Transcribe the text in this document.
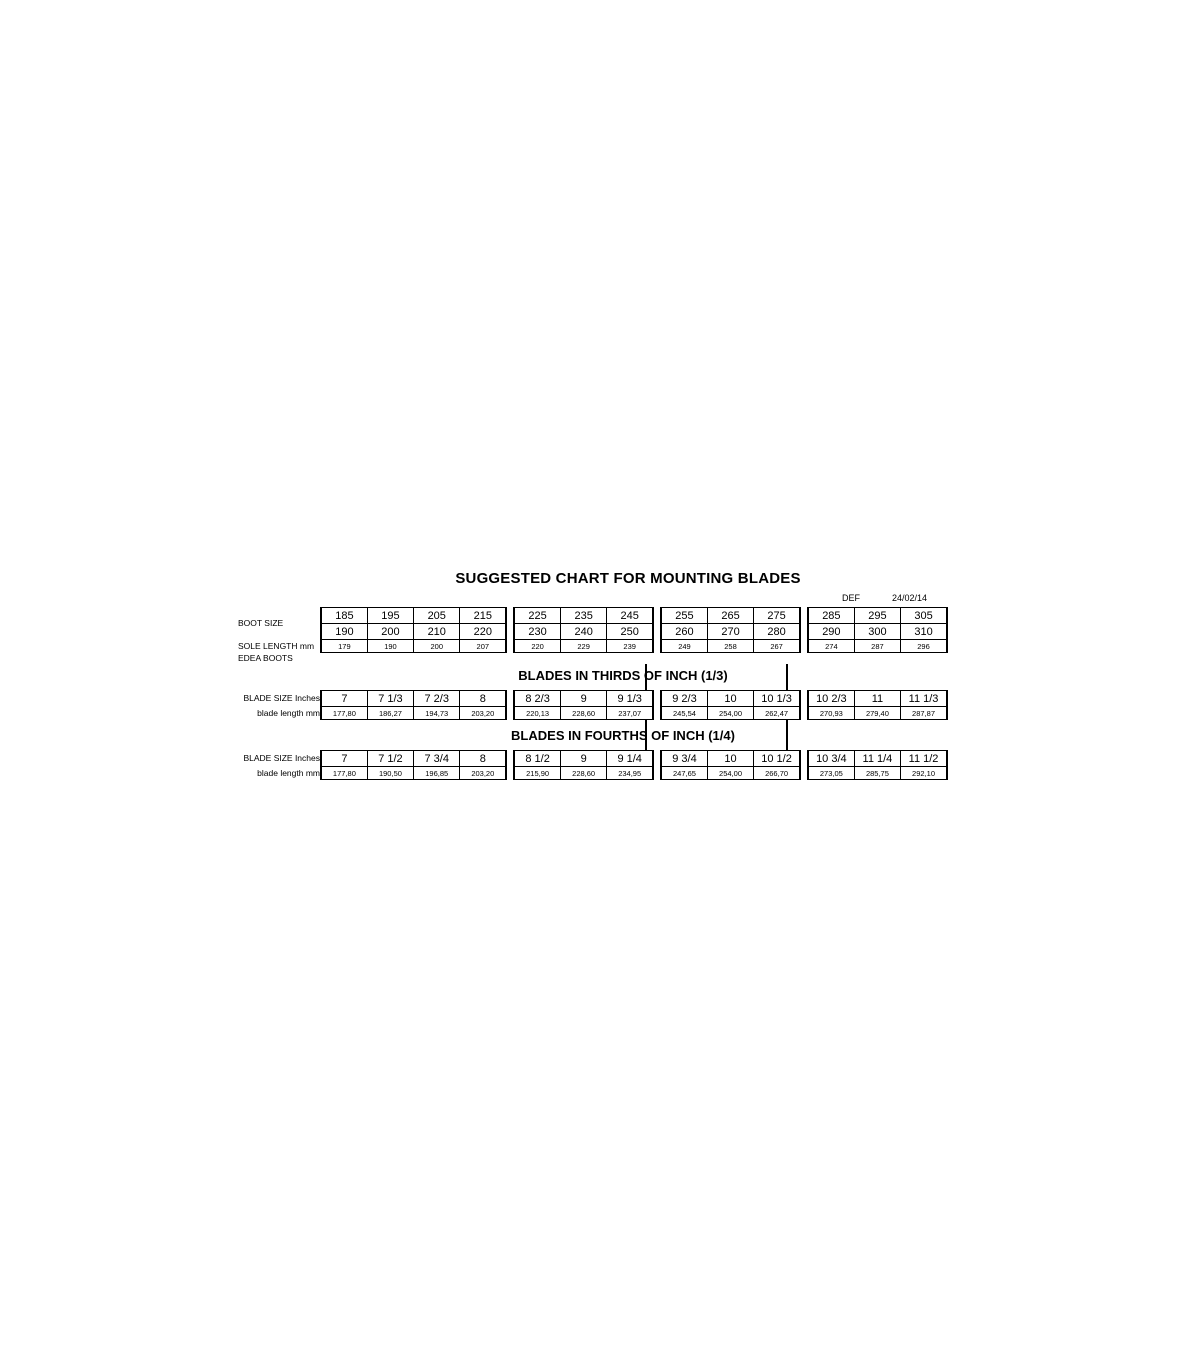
SUGGESTED CHART FOR MOUNTING BLADES
DEF	24/02/14
BOOT SIZE	185	195	205	215		225	235	245		255	265	275		285	295	305
	190	200	210	220		230	240	250		260	270	280		290	300	310
SOLE LENGTH mm	179	190	200	207		220	229	239		249	258	267		274	287	296
EDEA BOOTS																
BLADES IN THIRDS OF INCH (1/3)
BLADE SIZE Inches	7	7 1/3	7 2/3	8		8 2/3	9	9 1/3		9 2/3	10	10 1/3		10 2/3	11	11 1/3
blade length mm	177,80	186,27	194,73	203,20		220,13	228,60	237,07		245,54	254,00	262,47		270,93	279,40	287,87
BLADES IN FOURTHS OF INCH (1/4)
BLADE SIZE Inches	7	7 1/2	7 3/4	8		8 1/2	9	9 1/4		9 3/4	10	10 1/2		10 3/4	11 1/4	11 1/2
blade length mm	177,80	190,50	196,85	203,20		215,90	228,60	234,95		247,65	254,00	266,70		273,05	285,75	292,10
